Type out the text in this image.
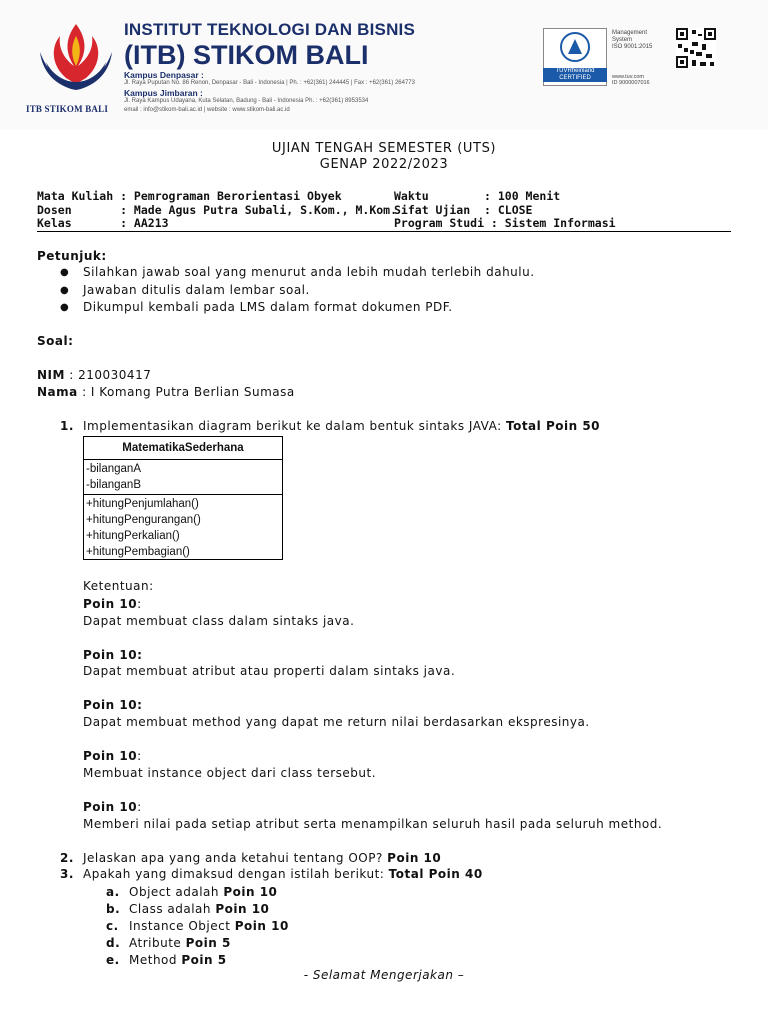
ITB STIKOM BALI
INSTITUT TEKNOLOGI DAN BISNIS
(ITB) STIKOM BALI
Kampus Denpasar :
Jl. Raya Puputan No. 86 Renon, Denpasar - Bali - Indonesia | Ph. : +62(361) 244445 | Fax : +62(361) 264773
Kampus Jimbaran :
Jl. Raya Kampus Udayana, Kuta Selatan, Badung - Bali - Indonesia Ph. : +62(361) 8953534
email : info@stikom-bali.ac.id | website : www.stikom-bali.ac.id
TÜVRheinland CERTIFIED
Management
System
ISO 9001:2015
www.tuv.com
ID 9000007016
UJIAN TENGAH SEMESTER (UTS)
GENAP 2022/2023
Mata Kuliah : Pemrograman Berorientasi Obyek	Waktu        : 100 Menit
Dosen       : Made Agus Putra Subali, S.Kom., M.Kom.
Sifat Ujian  : CLOSE
Kelas       : AA213	Program Studi : Sistem Informasi
Petunjuk:
● Silahkan jawab soal yang menurut anda lebih mudah terlebih dahulu.
● Jawaban ditulis dalam lembar soal.
● Dikumpul kembali pada LMS dalam format dokumen PDF.
Soal:
NIM : 210030417
Nama : I Komang Putra Berlian Sumasa
1. Implementasikan diagram berikut ke dalam bentuk sintaks JAVA: Total Poin 50
MatematikaSederhana
-bilanganA
-bilanganB
+hitungPenjumlahan()
+hitungPengurangan()
+hitungPerkalian()
+hitungPembagian()
Ketentuan:
Poin 10:
Dapat membuat class dalam sintaks java.
Poin 10:
Dapat membuat atribut atau properti dalam sintaks java.
Poin 10:
Dapat membuat method yang dapat me return nilai berdasarkan ekspresinya.
Poin 10:
Membuat instance object dari class tersebut.
Poin 10:
Memberi nilai pada setiap atribut serta menampilkan seluruh hasil pada seluruh method.
2. Jelaskan apa yang anda ketahui tentang OOP? Poin 10
3. Apakah yang dimaksud dengan istilah berikut: Total Poin 40
a. Object adalah Poin 10
b. Class adalah Poin 10
c. Instance Object Poin 10
d. Atribute Poin 5
e. Method Poin 5
- Selamat Mengerjakan –
